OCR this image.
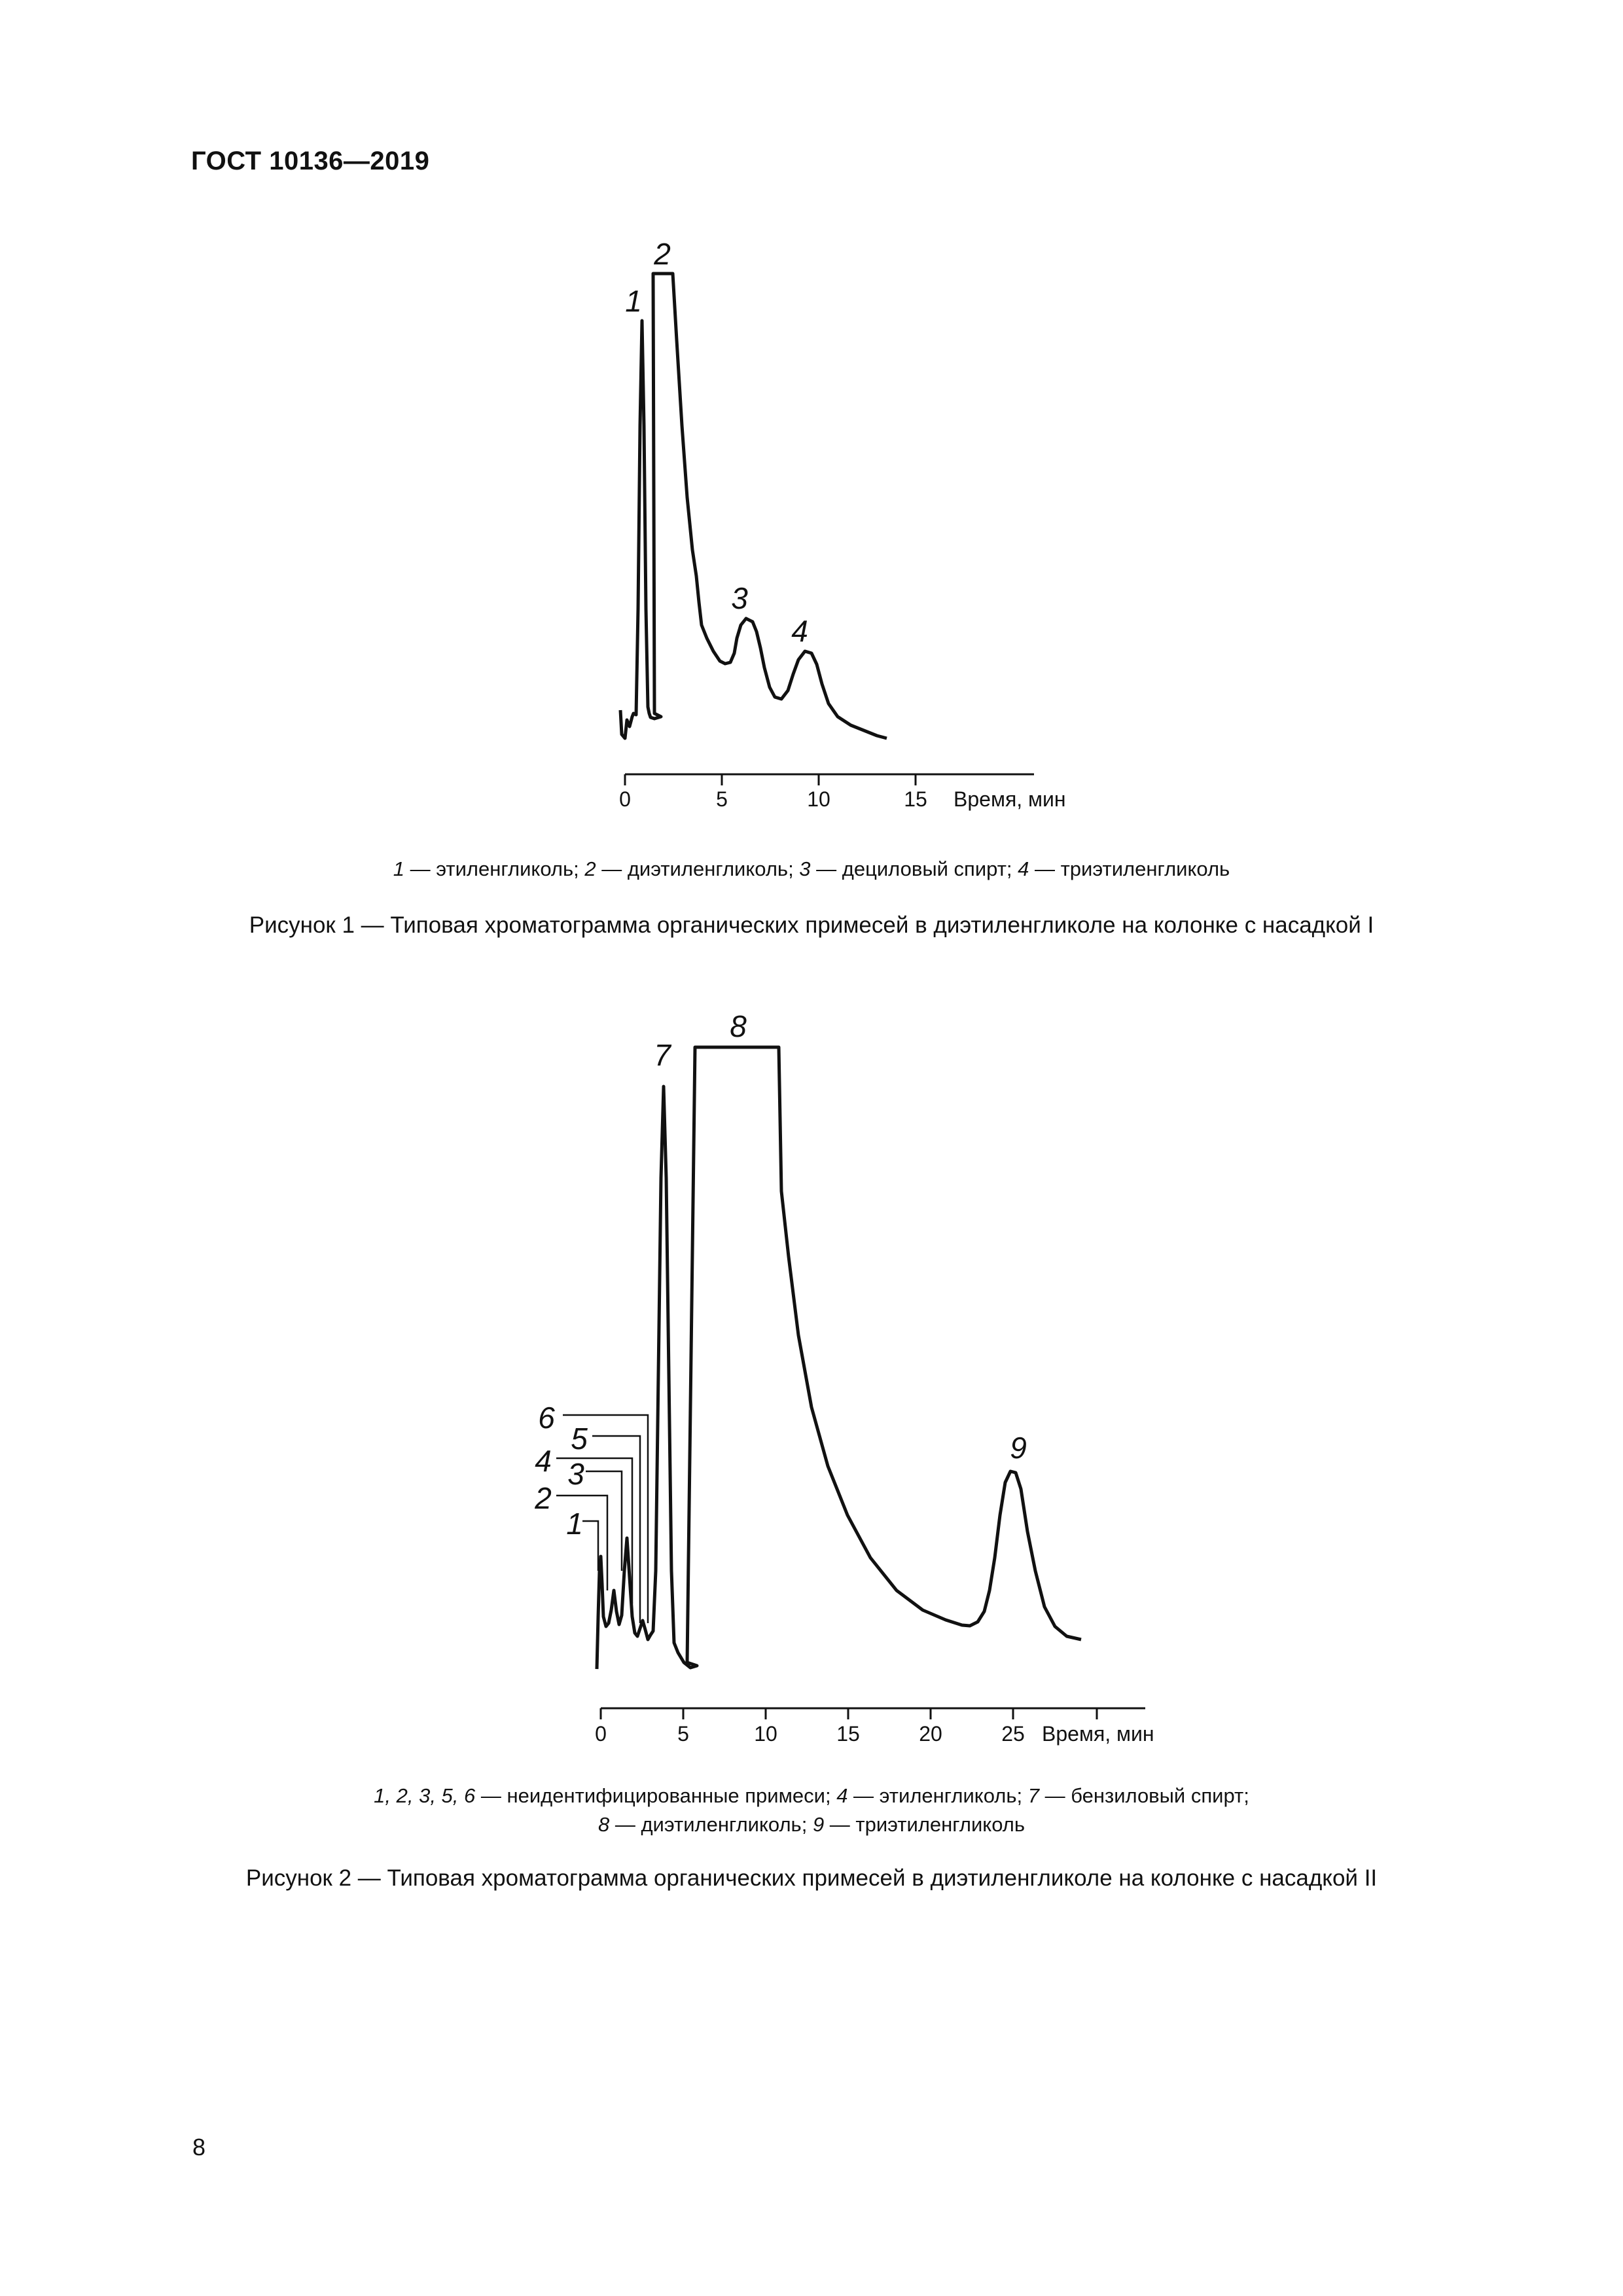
ГОСТ 10136—2019
0	5	10	15 Время, мин
1
2
3
4
1 — этиленгликоль; 2 — диэтиленгликоль; 3 — дециловый спирт; 4 — триэтиленгликоль
Рисунок 1 — Типовая хроматограмма органических примесей в диэтиленгликоле на колонке с насадкой I
0	5	10	15	20	25 Время, мин
1
2
3
4
5
6
7
8
9
1, 2, 3, 5, 6 — неидентифицированные примеси; 4 — этиленгликоль; 7 — бензиловый спирт;
8 — диэтиленгликоль; 9 — триэтиленгликоль
Рисунок 2 — Типовая хроматограмма органических примесей в диэтиленгликоле на колонке с насадкой II
8
